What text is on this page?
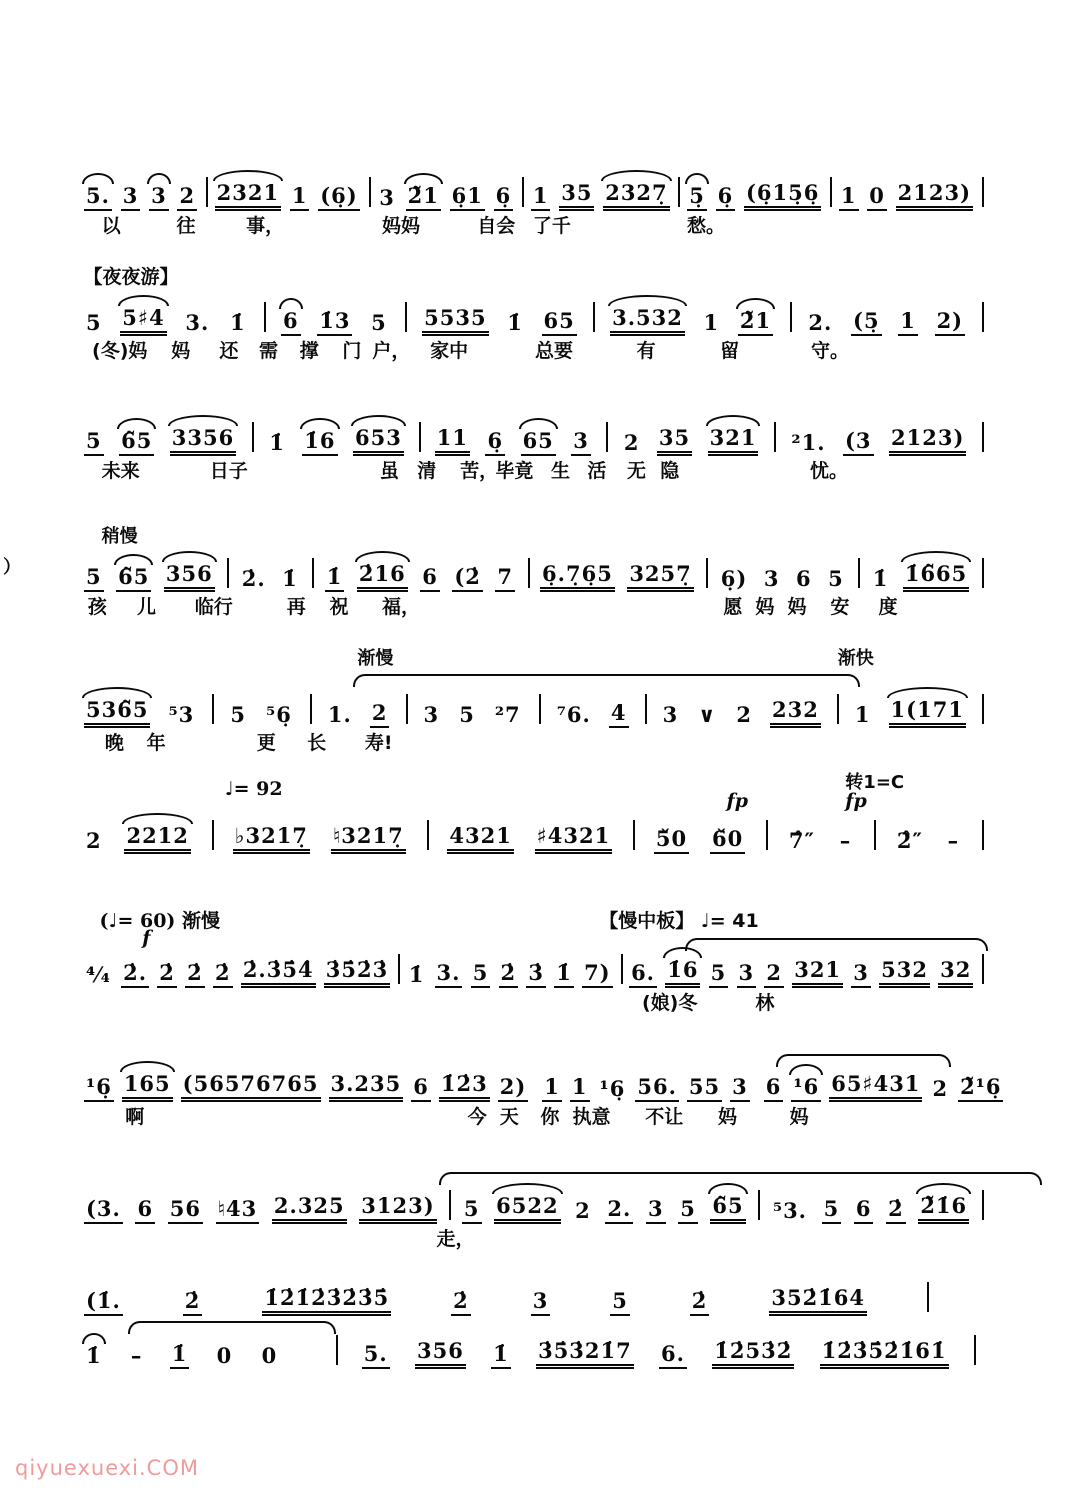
）
qiyuexuexi.COM
5. 3 3 2 2321 1 (6̣) 3 2̃1 6̣1 6̣ 1 35 2327̣ 5̣ 6̣ (6̣15̣6̣ 1 0 2123)
以	往	事，	妈妈	自会 了千	愁。
【夜夜游】
5 5♯4 3. 1̇ 6 1̇3 5 5535 1̇ 65 3.532 1 2̃1 2. (5̣ 1 2)
(冬)妈 妈 还 需 撑 门 户， 家中	总要	有	留	守。
5 6̃5 3356 1̇ 1̇6 653 11 6̣ 65 3 2 35 321 ²1. (3 2123)
未来	日子	虽 清 苦，
毕竟 生 活 无 隐	忧。
稍慢
5 6̃5 356 2̇. 1̇ 1̇ 2̇16 6 (2̇ 7 6̣.7̣6̣5 3257̣ 6̣) 3 6 5 1̇ 1̇6̃65
孩 儿 临行	再 祝 福，	愿 妈 妈 安 度
渐慢	渐快
536̃5 ⁵3 5 ⁵6̣ 1. 2 3 5 ²7 ⁷6. 4 3 ∨ 2 232 1 1(171
晚 年	更 长 寿!
♩= 92
fp
转1=C
fp
2 2212 ♭3217̣ ♮3217̣ 4321 ♯4321 5̌0 6̌0 7̂″ – 2̂″ –
(♩= 60) 渐慢
f
【慢中板】 ♩= 41
⁴⁄₄ 2̇. 2̇ 2̇ 2̇ 2̇.3̇5̇4̇ 3̇5̇2̇3̇ 1̇ 3. 5 2̇ 3̇ 1̇ 7) 6. 1̇6 5 3 2 321 3 532 32
(娘)冬	林
¹6̣ 165 (56576765 3.235 6 1̇2̇3 2) 1 1 ¹6̣ 56. 55 3 6 ¹6 65♯431 2 2̃¹6̣
啊	今 天 你 执意 不让 妈	妈
(3. 6 56 ♮43 2.325 3123) 5 6522 2 2. 3 5 6̃5 ⁵3. 5 6 2̇ 2̃1̇6
走，
(1̇.	2̇	1̇2̇1̇2̇3̇2̇3̇5̇	2̇	3	5	2̇	352̇1̇64
1̇ – 1̇ 0 0	5. 356 1̇ 3̇5̇3̇21̇7 6. 1̇2̇53̇2̇ 1̇2̇3̇5̇2̇1̇61̇
